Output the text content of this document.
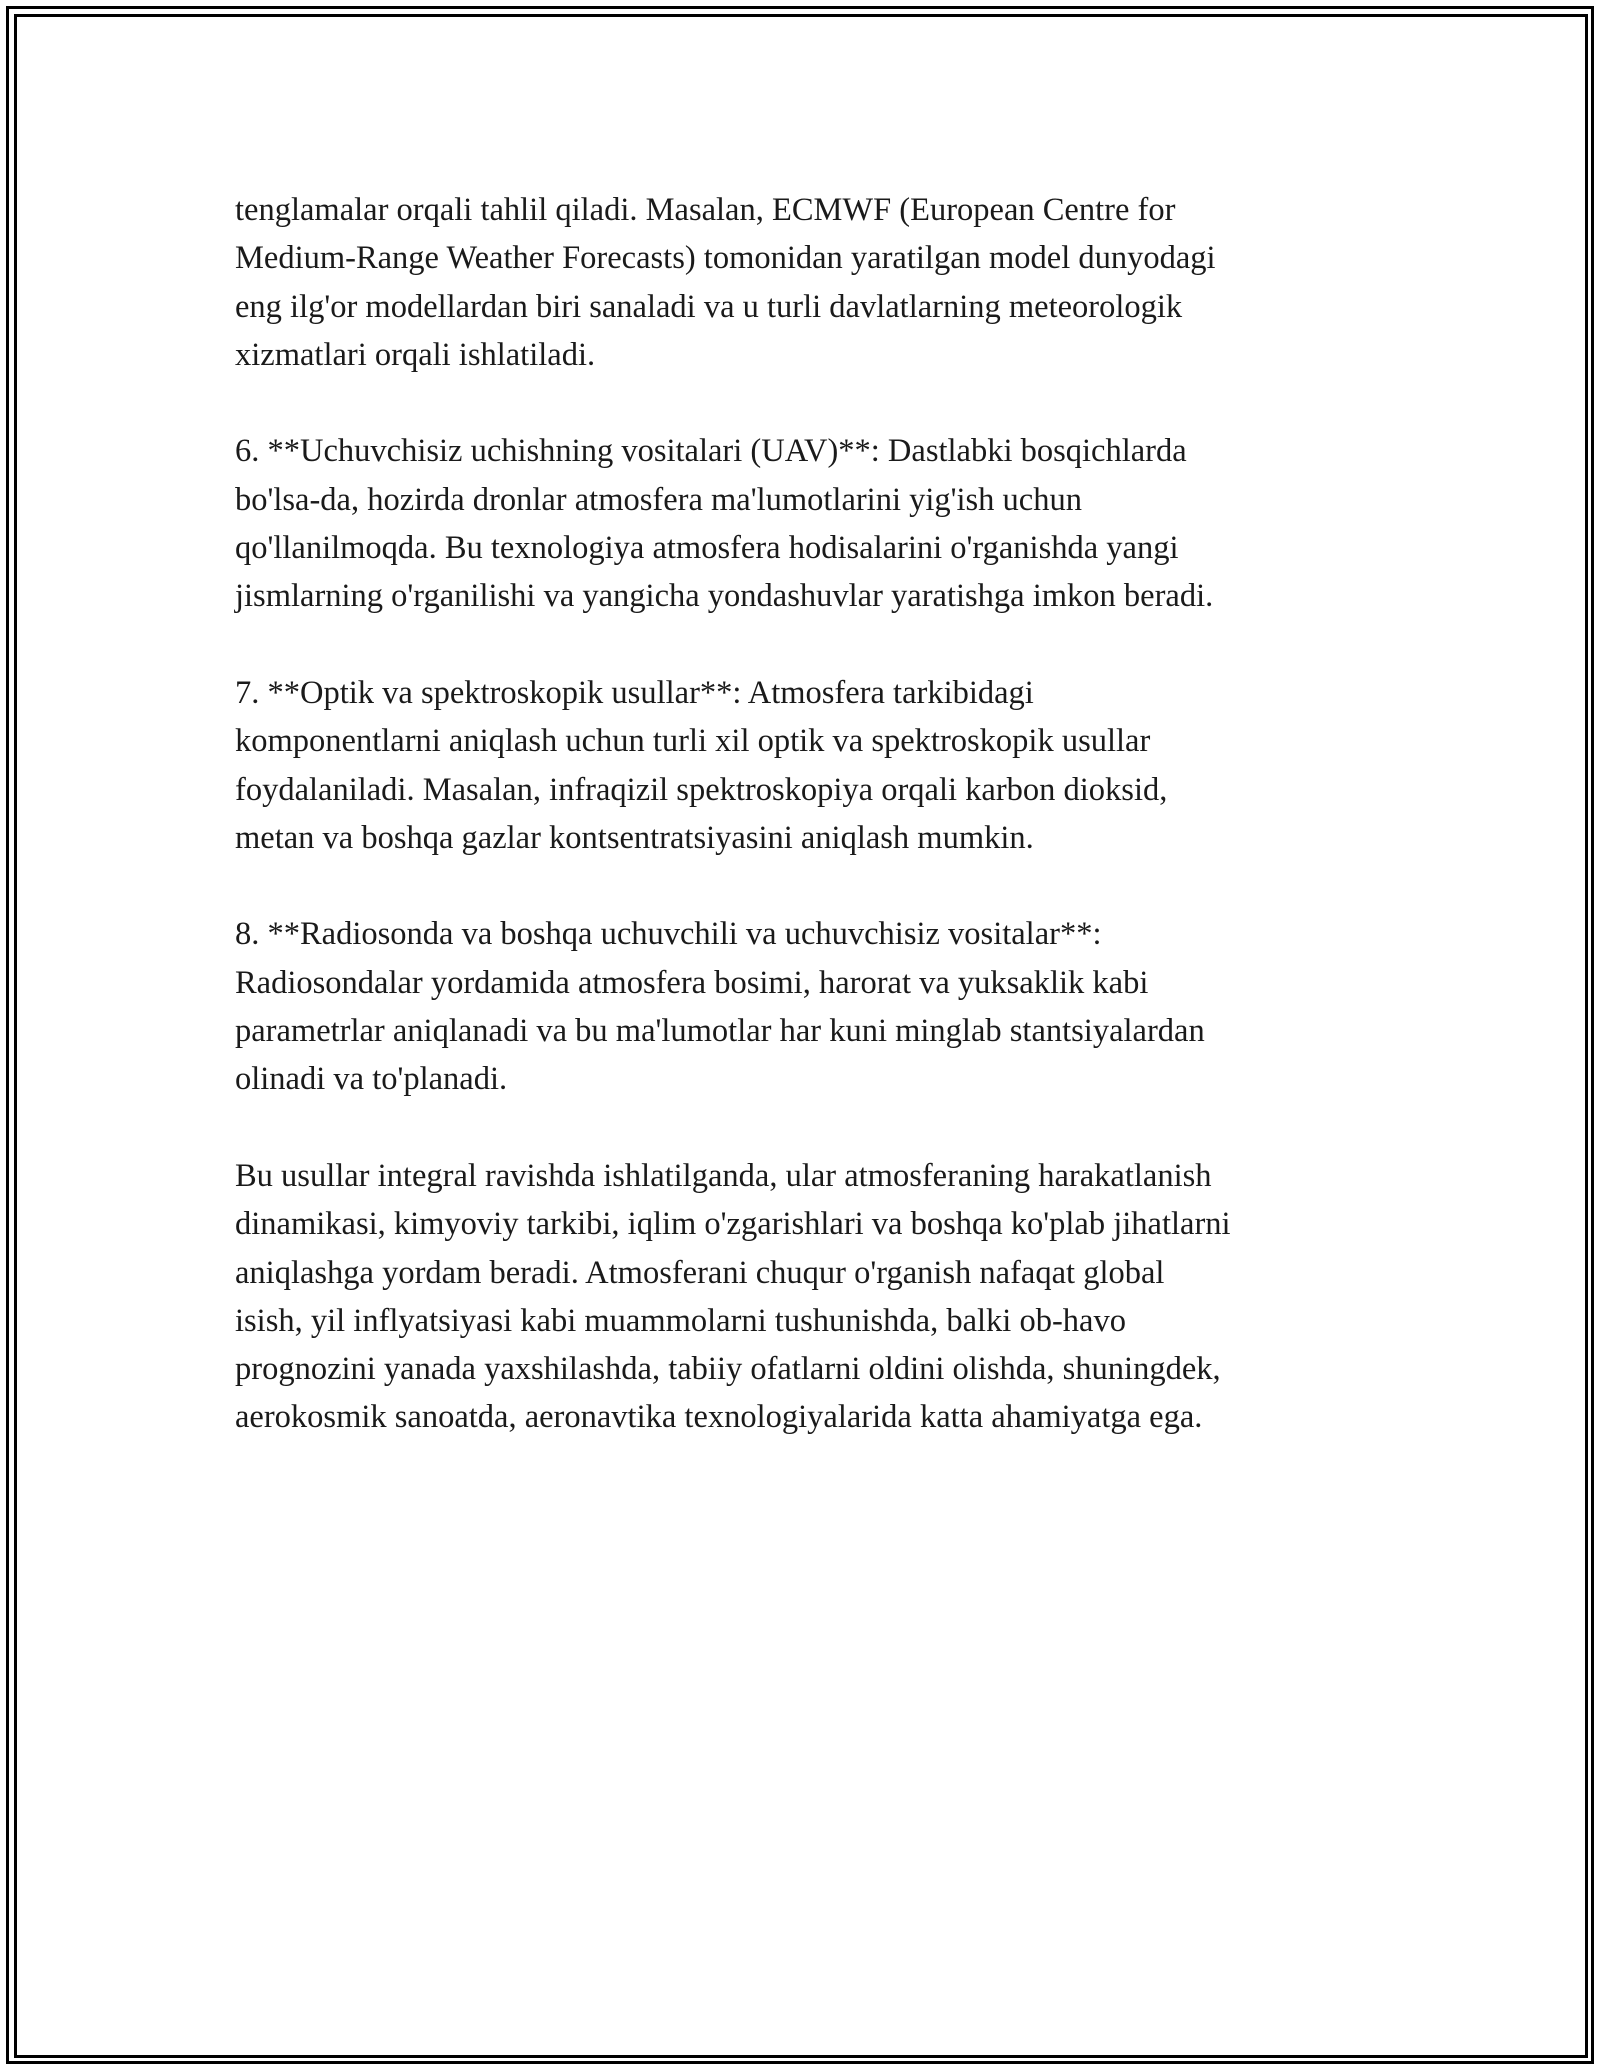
tenglamalar orqali tahlil qiladi. Masalan, ECMWF (European Centre for
Medium-Range Weather Forecasts) tomonidan yaratilgan model dunyodagi
eng ilg'or modellardan biri sanaladi va u turli davlatlarning meteorologik
xizmatlari orqali ishlatiladi.
6. **Uchuvchisiz uchishning vositalari (UAV)**: Dastlabki bosqichlarda
bo'lsa-da, hozirda dronlar atmosfera ma'lumotlarini yig'ish uchun
qo'llanilmoqda. Bu texnologiya atmosfera hodisalarini o'rganishda yangi
jismlarning o'rganilishi va yangicha yondashuvlar yaratishga imkon beradi.
7. **Optik va spektroskopik usullar**: Atmosfera tarkibidagi
komponentlarni aniqlash uchun turli xil optik va spektroskopik usullar
foydalaniladi. Masalan, infraqizil spektroskopiya orqali karbon dioksid,
metan va boshqa gazlar kontsentratsiyasini aniqlash mumkin.
8. **Radiosonda va boshqa uchuvchili va uchuvchisiz vositalar**:
Radiosondalar yordamida atmosfera bosimi, harorat va yuksaklik kabi
parametrlar aniqlanadi va bu ma'lumotlar har kuni minglab stantsiyalardan
olinadi va to'planadi.
Bu usullar integral ravishda ishlatilganda, ular atmosferaning harakatlanish
dinamikasi, kimyoviy tarkibi, iqlim o'zgarishlari va boshqa ko'plab jihatlarni
aniqlashga yordam beradi. Atmosferani chuqur o'rganish nafaqat global
isish, yil inflyatsiyasi kabi muammolarni tushunishda, balki ob-havo
prognozini yanada yaxshilashda, tabiiy ofatlarni oldini olishda, shuningdek,
aerokosmik sanoatda, aeronavtika texnologiyalarida katta ahamiyatga ega.
